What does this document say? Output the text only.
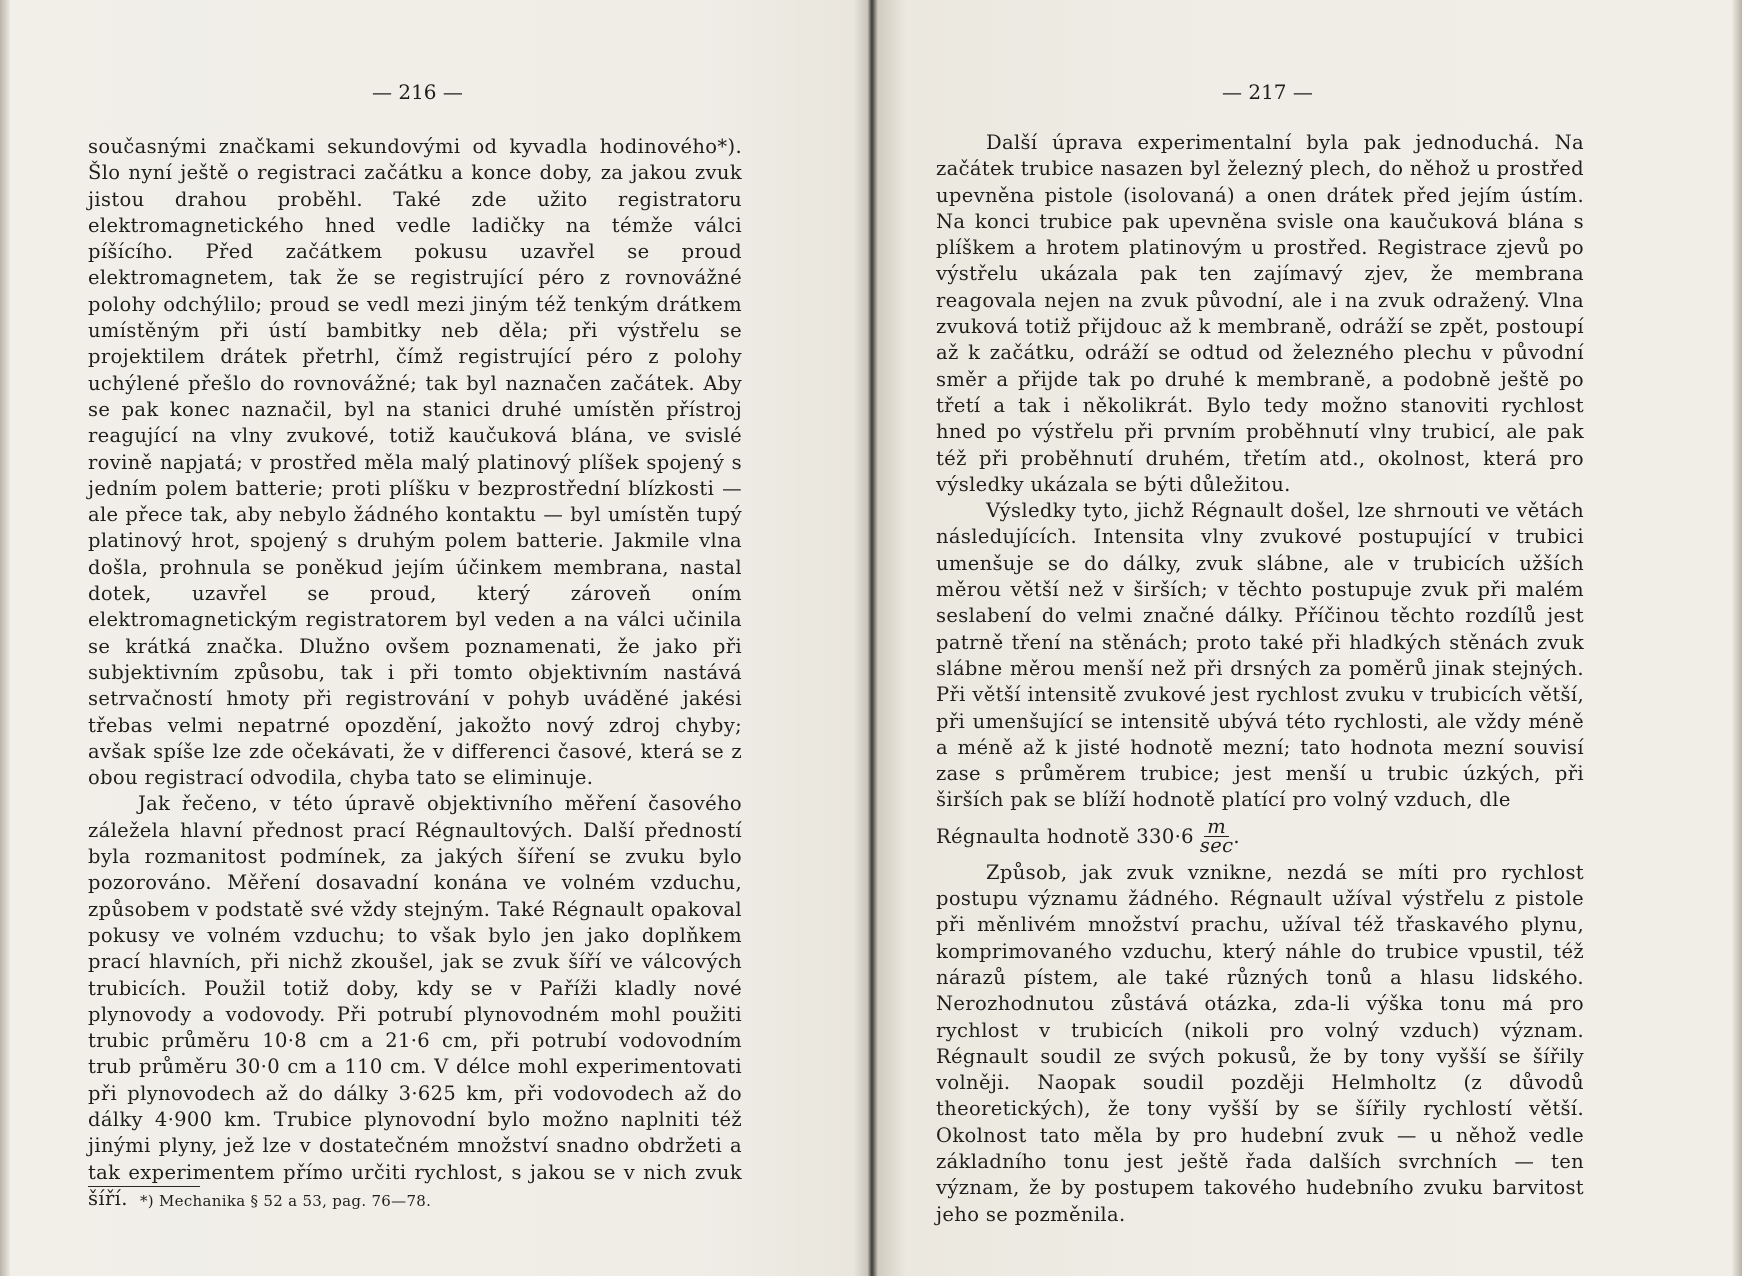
— 216 —

současnými značkami sekundovými od kyvadla hodinového*). Šlo nyní ještě o registraci začátku a konce doby, za jakou zvuk jistou drahou proběhl. Také zde užito registratoru elektromagnetického hned vedle ladičky na témže válci píšícího. Před začátkem pokusu uzavřel se proud elektromagnetem, tak že se registrující péro z rovnovážné polohy odchýlilo; proud se vedl mezi jiným též tenkým drátkem umístěným při ústí bambitky neb děla; při výstřelu se projektilem drátek přetrhl, čímž registrující péro z polohy uchýlené přešlo do rovnovážné; tak byl naznačen začátek. Aby se pak konec naznačil, byl na stanici druhé umístěn přístroj reagující na vlny zvukové, totiž kaučuková blána, ve svislé rovině napjatá; v prostřed měla malý platinový plíšek spojený s jedním polem batterie; proti plíšku v bezprostřední blízkosti — ale přece tak, aby nebylo žádného kontaktu — byl umístěn tupý platinový hrot, spojený s druhým polem batterie. Jakmile vlna došla, prohnula se poněkud jejím účinkem membrana, nastal dotek, uzavřel se proud, který zároveň oním elektromagnetickým registratorem byl veden a na válci učinila se krátká značka. Dlužno ovšem poznamenati, že jako při subjektivním způsobu, tak i při tomto objektivním nastává setrvačností hmoty při registrování v pohyb uváděné jakési třebas velmi nepatrné opozdění, jakožto nový zdroj chyby; avšak spíše lze zde očekávati, že v differenci časové, která se z obou registrací odvodila, chyba tato se eliminuje.

Jak řečeno, v této úpravě objektivního měření časového záležela hlavní přednost prací Régnaultových. Další předností byla rozmanitost podmínek, za jakých šíření se zvuku bylo pozorováno. Měření dosavadní konána ve volném vzduchu, způsobem v podstatě své vždy stejným. Také Régnault opakoval pokusy ve volném vzduchu; to však bylo jen jako doplňkem prací hlavních, při nichž zkoušel, jak se zvuk šíří ve válcových trubicích. Použil totiž doby, kdy se v Paříži kladly nové plynovody a vodovody. Při potrubí plynovodném mohl použiti trubic průměru 10·8 cm a 21·6 cm, při potrubí vodovodním trub průměru 30·0 cm a 110 cm. V délce mohl experimentovati při plynovodech až do dálky 3·625 km, při vodovodech až do dálky 4·900 km. Trubice plynovodní bylo možno naplniti též jinými plyny, jež lze v dostatečném množství snadno obdržeti a tak experimentem přímo určiti rychlost, s jakou se v nich zvuk šíří. *) Mechanika § 52 a 53, pag. 76—78.
— 217 —

Další úprava experimentalní byla pak jednoduchá. Na začátek trubice nasazen byl železný plech, do něhož u prostřed upevněna pistole (isolovaná) a onen drátek před jejím ústím. Na konci trubice pak upevněna svisle ona kaučuková blána s plíškem a hrotem platinovým u prostřed. Registrace zjevů po výstřelu ukázala pak ten zajímavý zjev, že membrana reagovala nejen na zvuk původní, ale i na zvuk odražený. Vlna zvuková totiž přijdouc až k membraně, odráží se zpět, postoupí až k začátku, odráží se odtud od železného plechu v původní směr a přijde tak po druhé k membraně, a podobně ještě po třetí a tak i několikrát. Bylo tedy možno stanoviti rychlost hned po výstřelu při prvním proběhnutí vlny trubicí, ale pak též při proběhnutí druhém, třetím atd., okolnost, která pro výsledky ukázala se býti důležitou.

Výsledky tyto, jichž Régnault došel, lze shrnouti ve větách následujících. Intensita vlny zvukové postupující v trubici umenšuje se do dálky, zvuk slábne, ale v trubicích užších měrou větší než v širších; v těchto postupuje zvuk při malém seslabení do velmi značné dálky. Příčinou těchto rozdílů jest patrně tření na stěnách; proto také při hladkých stěnách zvuk slábne měrou menší než při drsných za poměrů jinak stejných. Při větší intensitě zvukové jest rychlost zvuku v trubicích větší, při umenšující se intensitě ubývá této rychlosti, ale vždy méně a méně až k jisté hodnotě mezní; tato hodnota mezní souvisí zase s průměrem trubice; jest menší u trubic úzkých, při širších pak se blíží hodnotě platící pro volný vzduch, dle

Régnaulta hodnotě $330\cdot 6 \frac{m}{\sec}$ .

Způsob, jak zvuk vznikne, nezdá se míti pro rychlost postupu významu žádného. Régnault užíval výstřelu z pistole při měnlivém množství prachu, užíval též třaskavého plynu, komprimovaného vzduchu, který náhle do trubice vpustil, též nárazů pístem, ale také různých tonů a hlasu lidského. Nerozhodnutou zůstává otázka, zda-li výška tonu má pro rychlost v trubicích (nikoli pro volný vzduch) význam. Régnault soudil ze svých pokusů, že by tony vyšší se šířily volněji. Naopak soudil později Helmholtz (z důvodů theoretických), že tony vyšší by se šířily rychlostí větší. Okolnost tato měla by pro hudební zvuk — u něhož vedle základního tonu jest ještě řada dalších svrchních — ten význam, že by postupem takového hudebního zvuku barvitost jeho se pozměnila.
